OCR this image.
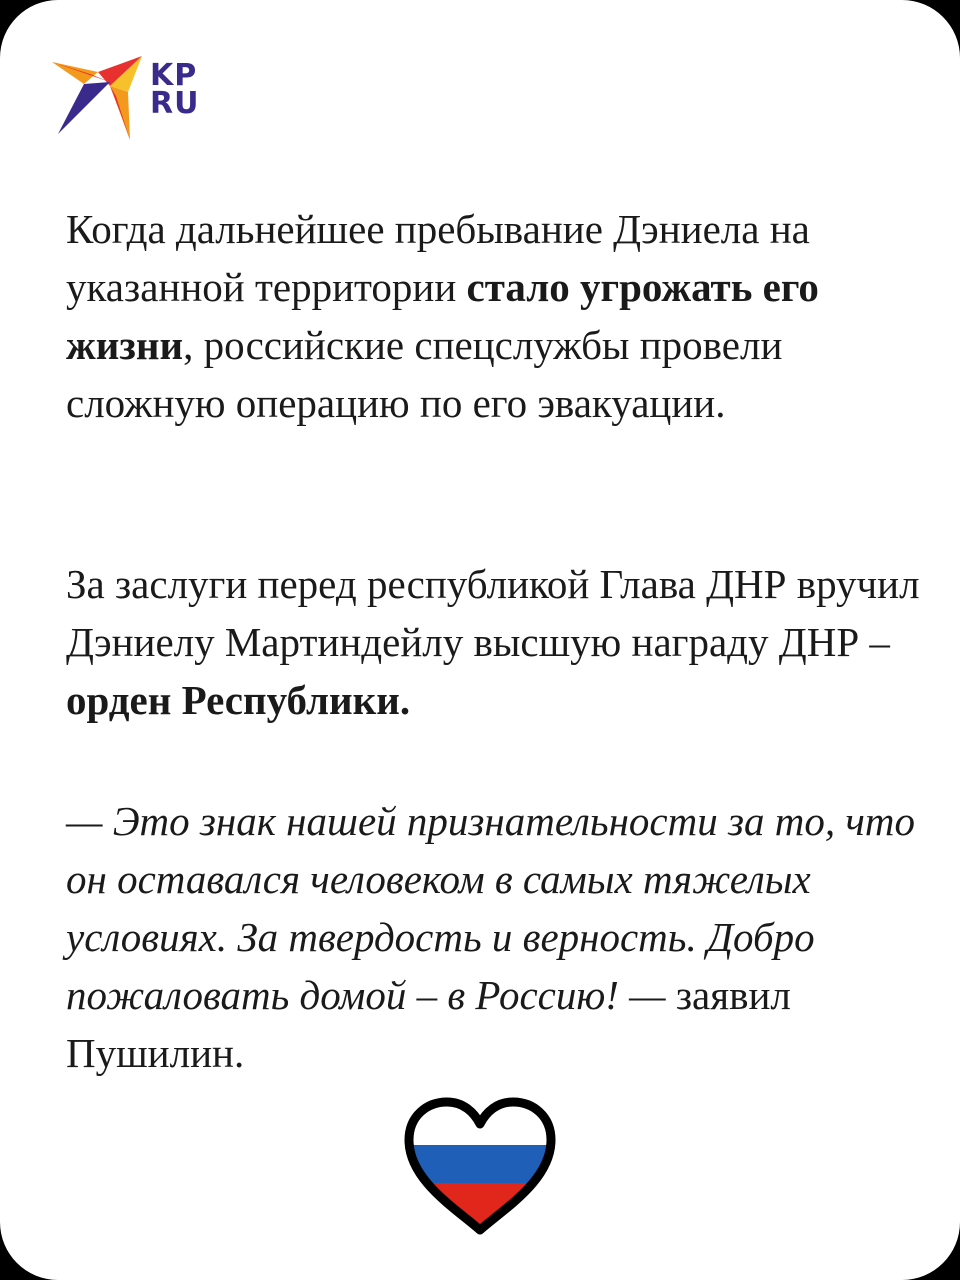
KP
RU

Когда дальнейшее пребывание Дэниела на указанной территории стало угрожать его жизни, российские спецслужбы провели сложную операцию по его эвакуации.

За заслуги перед республикой Глава ДНР вручил Дэниелу Мартиндейлу высшую награду ДНР – орден Республики.

— Это знак нашей признательности за то, что он оставался человеком в самых тяжелых условиях. За твердость и верность. Добро пожаловать домой – в Россию! — заявил Пушилин.
